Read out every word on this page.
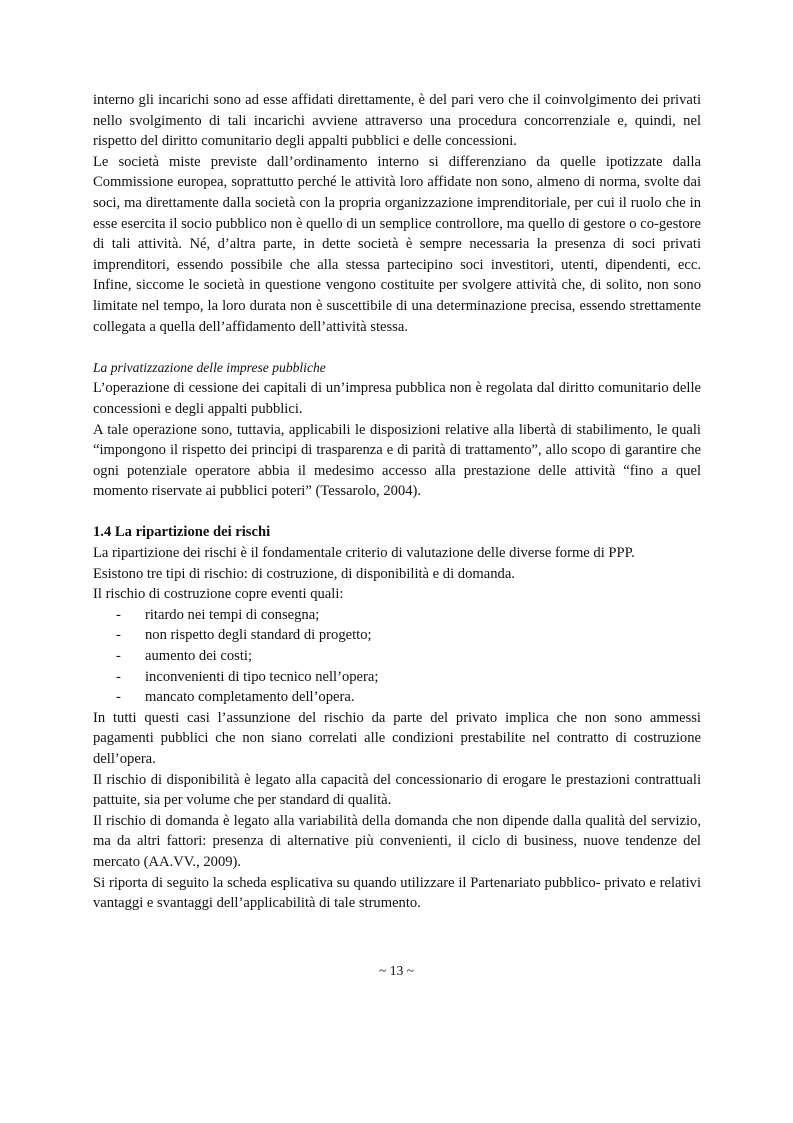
interno gli incarichi sono ad esse affidati direttamente, è del pari vero che il coinvolgimento dei privati nello svolgimento di tali incarichi avviene attraverso una procedura concorrenziale e, quindi, nel rispetto del diritto comunitario degli appalti pubblici e delle concessioni.

Le società miste previste dall’ordinamento interno si differenziano da quelle ipotizzate dalla Commissione europea, soprattutto perché le attività loro affidate non sono, almeno di norma, svolte dai soci, ma direttamente dalla società con la propria organizzazione imprenditoriale, per cui il ruolo che in esse esercita il socio pubblico non è quello di un semplice controllore, ma quello di gestore o co-gestore di tali attività. Né, d’altra parte, in dette società è sempre necessaria la presenza di soci privati imprenditori, essendo possibile che alla stessa partecipino soci investitori, utenti, dipendenti, ecc. Infine, siccome le società in questione vengono costituite per svolgere attività che, di solito, non sono limitate nel tempo, la loro durata non è suscettibile di una determinazione precisa, essendo strettamente collegata a quella dell’affidamento dell’attività stessa.

La privatizzazione delle imprese pubbliche

L’operazione di cessione dei capitali di un’impresa pubblica non è regolata dal diritto comunitario delle concessioni e degli appalti pubblici.

A tale operazione sono, tuttavia, applicabili le disposizioni relative alla libertà di stabilimento, le quali “impongono il rispetto dei principi di trasparenza e di parità di trattamento”, allo scopo di garantire che ogni potenziale operatore abbia il medesimo accesso alla prestazione delle attività “fino a quel momento riservate ai pubblici poteri” (Tessarolo, 2004).

1.4 La ripartizione dei rischi

La ripartizione dei rischi è il fondamentale criterio di valutazione delle diverse forme di PPP.

Esistono tre tipi di rischio: di costruzione, di disponibilità e di domanda.

Il rischio di costruzione copre eventi quali:

- ritardo nei tempi di consegna;
- non rispetto degli standard di progetto;
- aumento dei costi;
- inconvenienti di tipo tecnico nell’opera;
- mancato completamento dell’opera.

In tutti questi casi l’assunzione del rischio da parte del privato implica che non sono ammessi pagamenti pubblici che non siano correlati alle condizioni prestabilite nel contratto di costruzione dell’opera.

Il rischio di disponibilità è legato alla capacità del concessionario di erogare le prestazioni contrattuali pattuite, sia per volume che per standard di qualità.

Il rischio di domanda è legato alla variabilità della domanda che non dipende dalla qualità del servizio, ma da altri fattori: presenza di alternative più convenienti, il ciclo di business, nuove tendenze del mercato (AA.VV., 2009).

Si riporta di seguito la scheda esplicativa su quando utilizzare il Partenariato pubblico- privato e relativi vantaggi e svantaggi dell’applicabilità di tale strumento.

~ 13 ~
